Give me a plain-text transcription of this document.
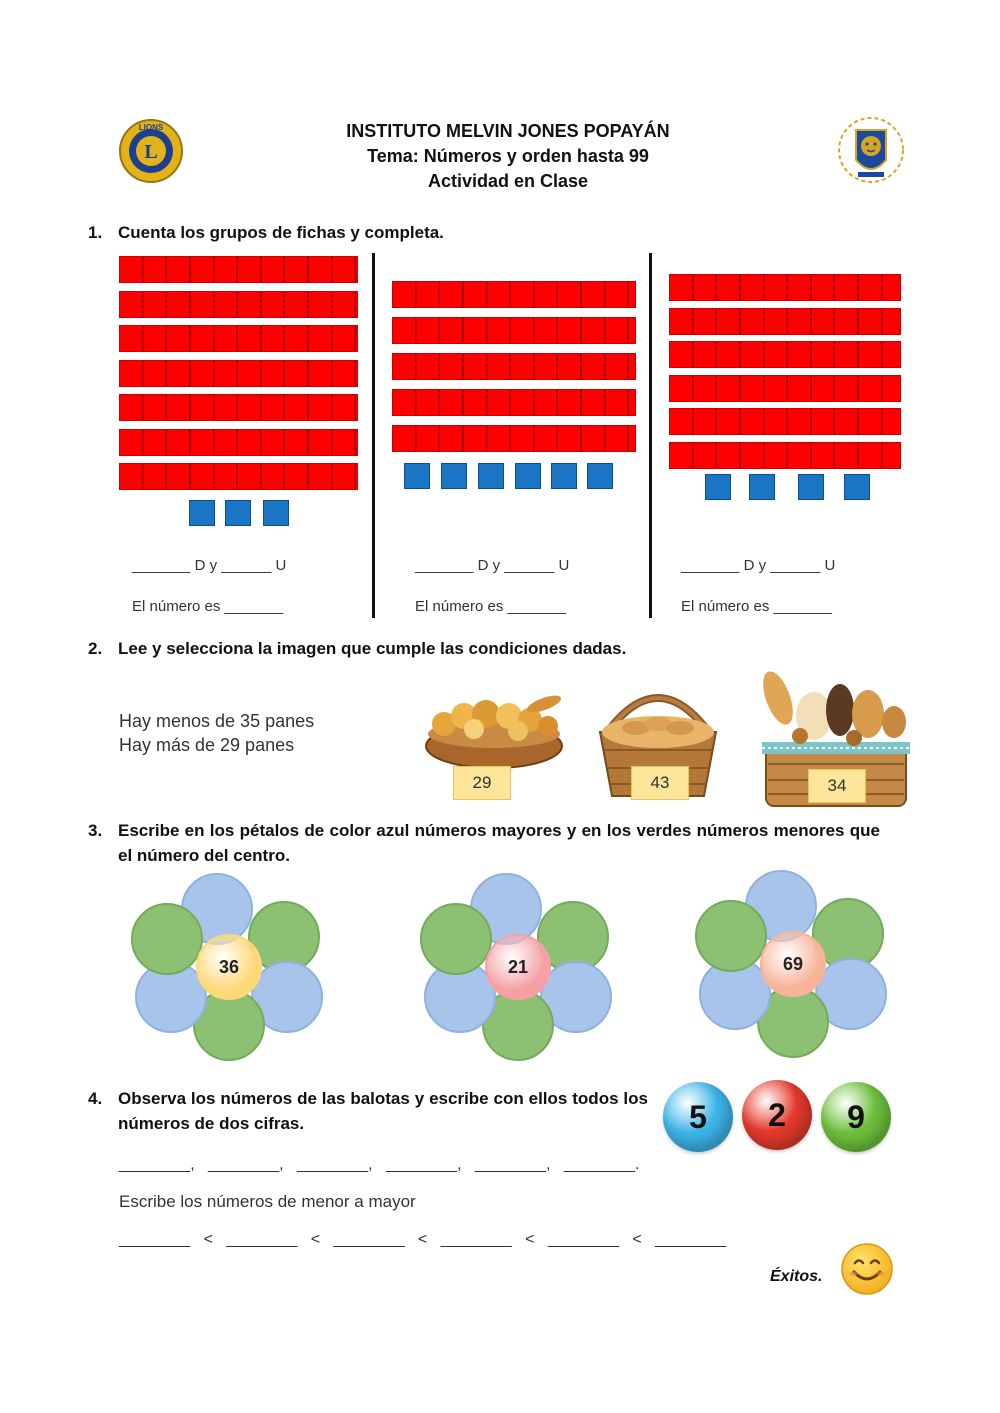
L
LIONS	INSTITUTO MELVIN JONES POPAYÁN
Tema: Números y orden hasta 99
Actividad en Clase
1. Cuenta los grupos de fichas y completa.
_______ D y ______ U
El número es _______
_______ D y ______ U
El número es _______
_______ D y ______ U
El número es _______
2. Lee y selecciona la imagen que cumple las condiciones dadas.
Hay menos de 35 panes
Hay más de 29 panes
29	43	34
3. Escribe en los pétalos de color azul números mayores y en los verdes números menores que el número del centro.
36	21	69
4. Observa los números de las balotas y escribe con ellos todos los números de dos cifras.	5	2	9
________,   ________,   ________,   ________,   ________,   ________.
Escribe los números de menor a mayor
________   <   ________   <   ________   <   ________   <   ________   <   ________
Éxitos.
